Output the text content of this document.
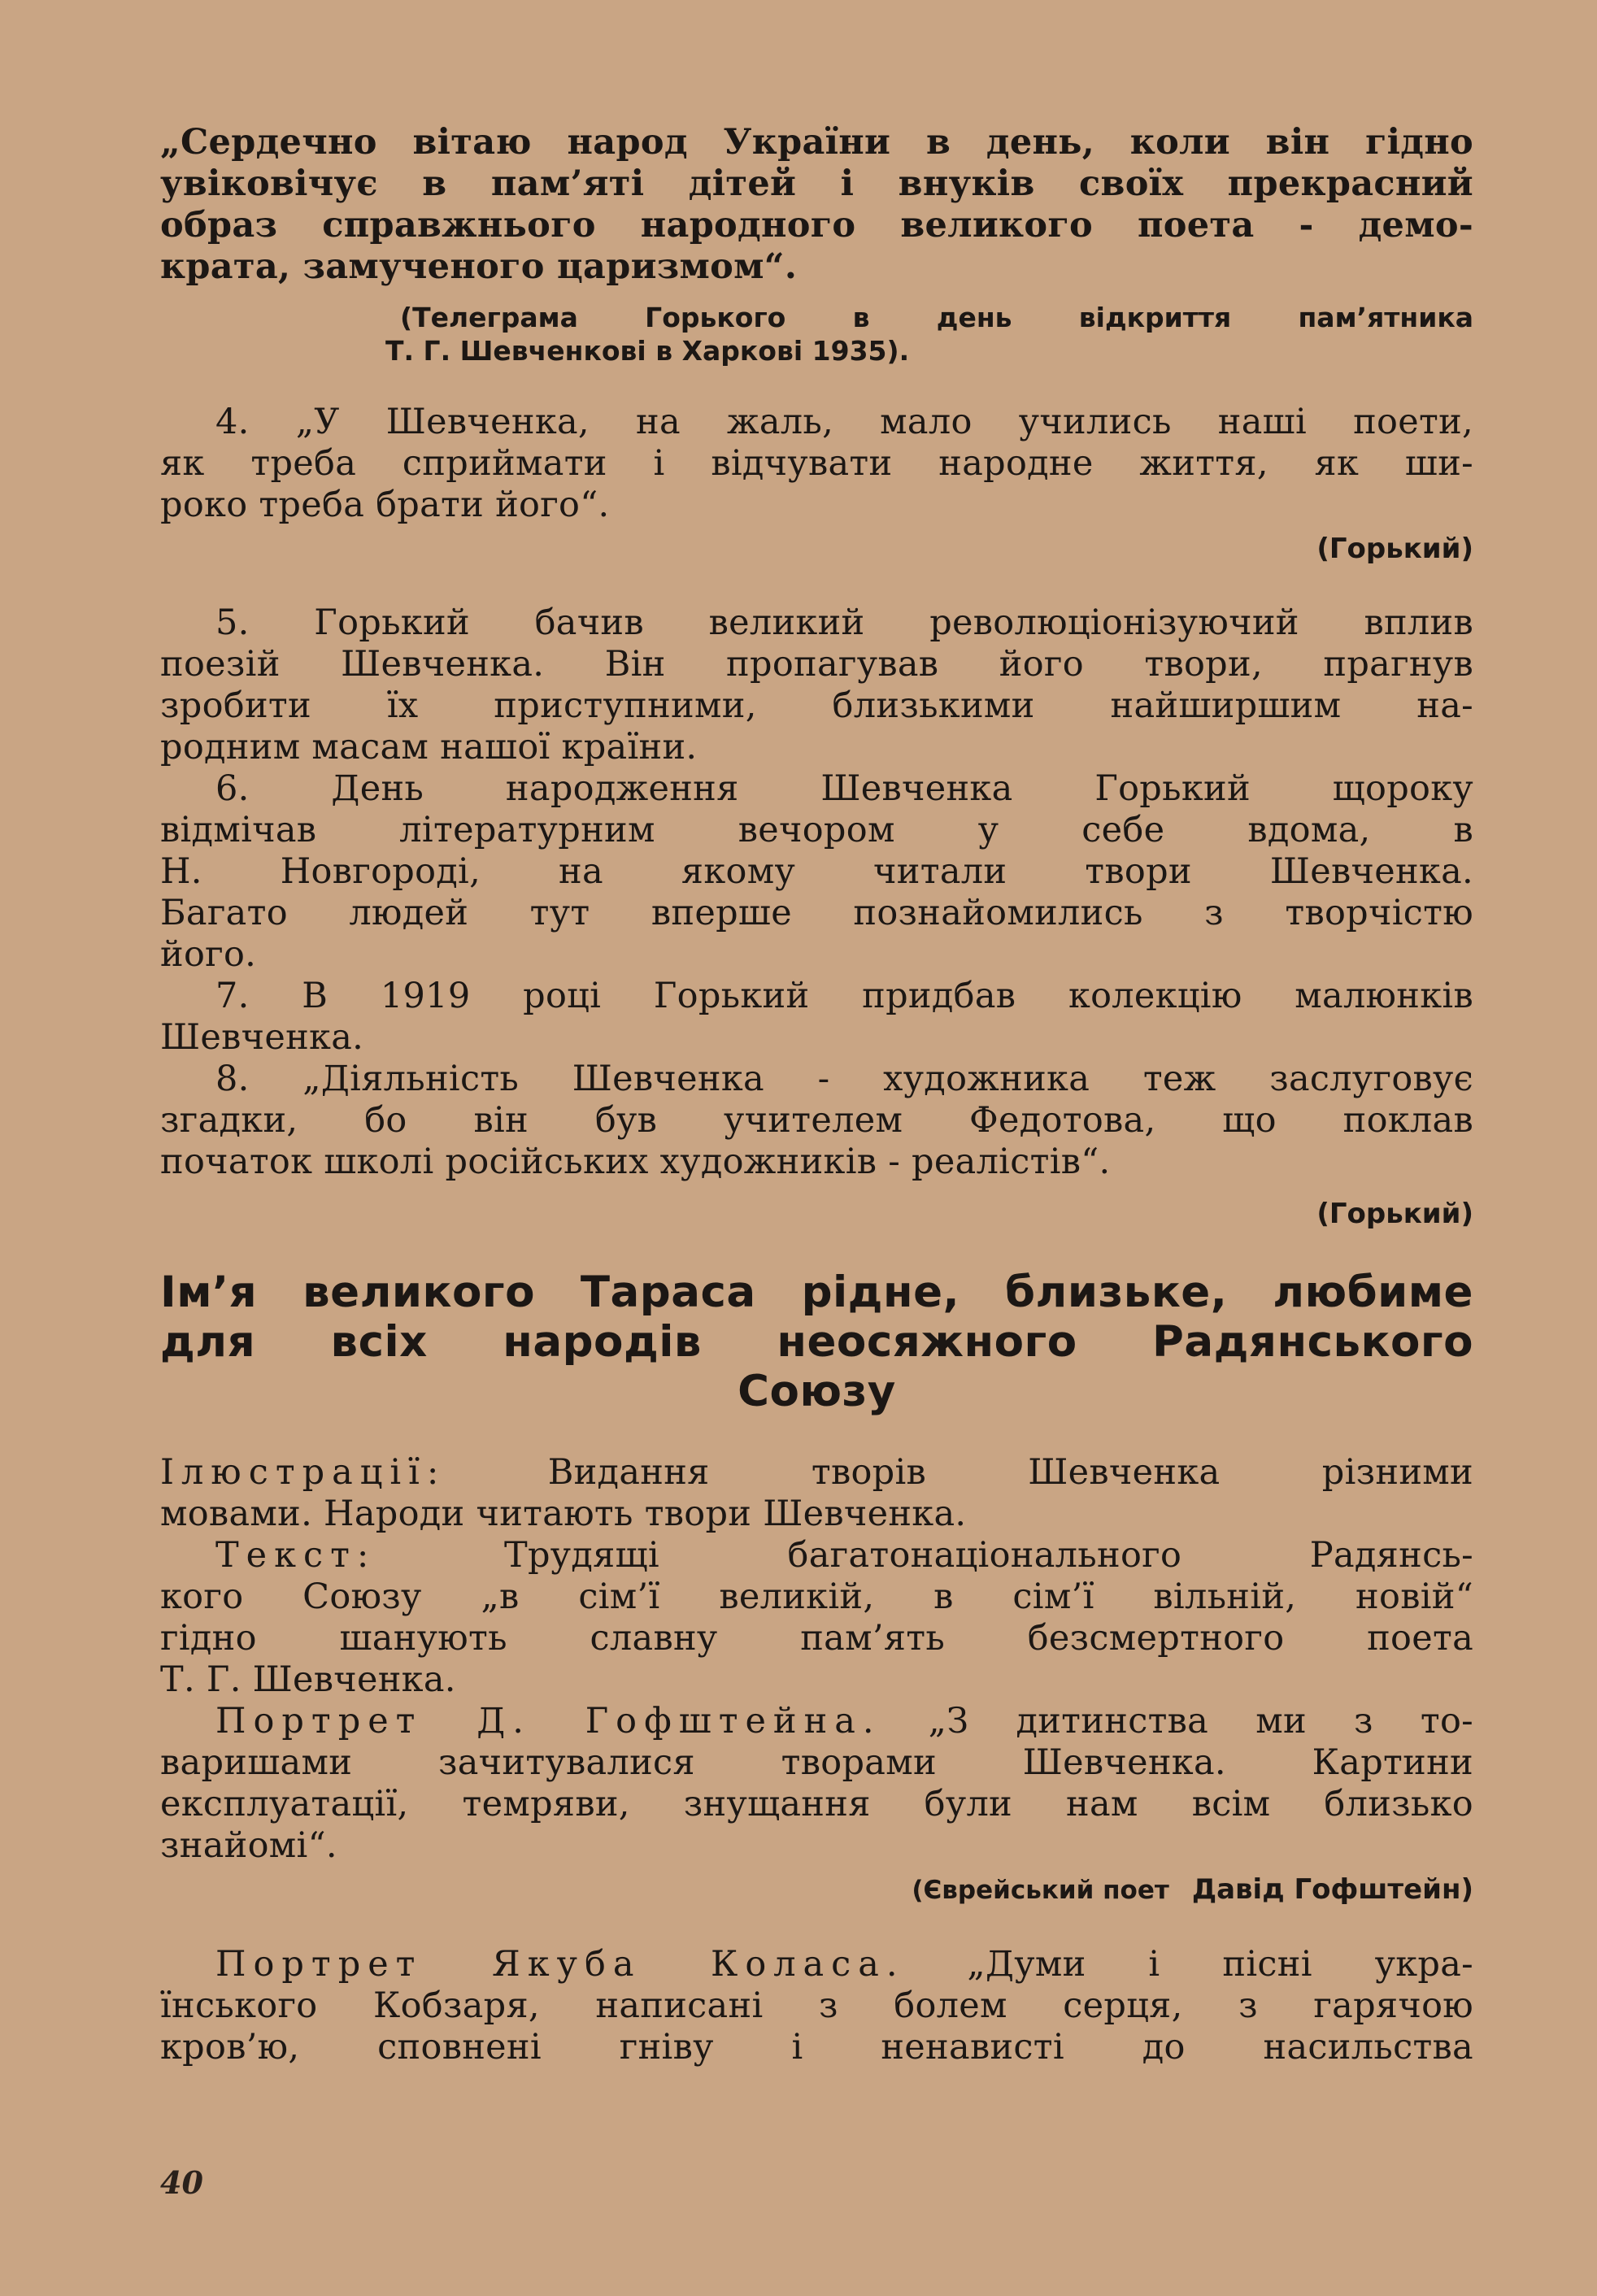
„Сердечно вітаю народ України в день, коли він гідно
увіковічує в пам’яті дітей і внуків своїх прекрасний
обрaз справжнього народного великого поета - демо-
крата, замученого царизмом“.
(Телеграма Горького в день відкриття пам’ятника
Т. Г. Шевченкові в Харкові 1935).
4. „У Шевченка, на жаль, мало учились наші поети,
як треба сприймати і відчувати народне життя, як ши-
роко треба брати його“.
(Горький)
5. Горький бачив великий революціонізуючий вплив
поезій Шевченка. Він пропагував його твори, прагнув
зробити їх приступними, близькими найширшим на-
родним масам нашої країни.
6. День народження Шевченка Горький щороку
відмічав літературним вечором у себе вдома, в
Н. Новгороді, на якому читали твори Шевченка.
Багато людей тут вперше познайомились з творчістю
його.
7. В 1919 році Горький придбав колекцію малюнків
Шевченка.
8. „Діяльність Шевченка - художника теж заслуговує
згадки, бо він був учителем Федотова, що поклав
початок школі російських художників - реалістів“.
(Горький)
Ім’я великого Тараса рідне, близьке, любиме
для всіх народів неосяжного Радянського
Союзу
Ілюстрації:	Видання творів Шевченка різними
мовами. Народи читають твори Шевченка.
Текст:	Трудящі багатонаціонального Радянсь-
кого Союзу „в сім’ї великій, в сім’ї вільній, новій“
гідно шанують славну пам’ять безсмертного поета
Т. Г. Шевченка.
Портрет Д. Гофштейна. „З дитинства ми з то-
варишами зачитувалися творами Шевченка. Картини
експлуатації, темряви, знущання були нам всім близько
знайомі“.
(Єврейський поет Давід Гофштейн)
Портрет Якуба Коласа. „Думи і пісні укра-
їнського Кобзаря, написані з болем серця, з гарячою
кров’ю, сповнені гніву і ненависті до насильства
40
